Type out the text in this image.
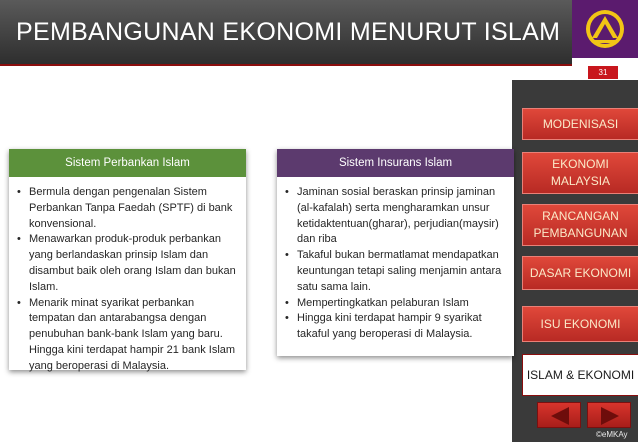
PEMBANGUNAN EKONOMI MENURUT ISLAM
31
MODENISASI
EKONOMI
MALAYSIA
RANCANGAN
PEMBANGUNAN
DASAR EKONOMI
ISU EKONOMI
ISLAM & EKONOMI
©eMKAy
Sistem Perbankan Islam
• Bermula dengan pengenalan Sistem Perbankan Tanpa Faedah (SPTF) di bank konvensional.
• Menawarkan produk-produk perbankan yang berlandaskan prinsip Islam dan disambut baik oleh orang Islam dan bukan Islam.
• Menarik minat syarikat perbankan tempatan dan antarabangsa dengan penubuhan bank-bank Islam yang baru. Hingga kini terdapat hampir 21 bank Islam yang beroperasi di Malaysia.
Sistem Insurans Islam
• Jaminan sosial beraskan prinsip jaminan (al-kafalah) serta mengharamkan unsur ketidaktentuan(gharar), perjudian(maysir) dan riba
• Takaful bukan bermatlamat mendapatkan keuntungan tetapi saling menjamin antara satu sama lain.
• Mempertingkatkan pelaburan Islam
• Hingga kini terdapat hampir 9 syarikat takaful yang beroperasi di Malaysia.
